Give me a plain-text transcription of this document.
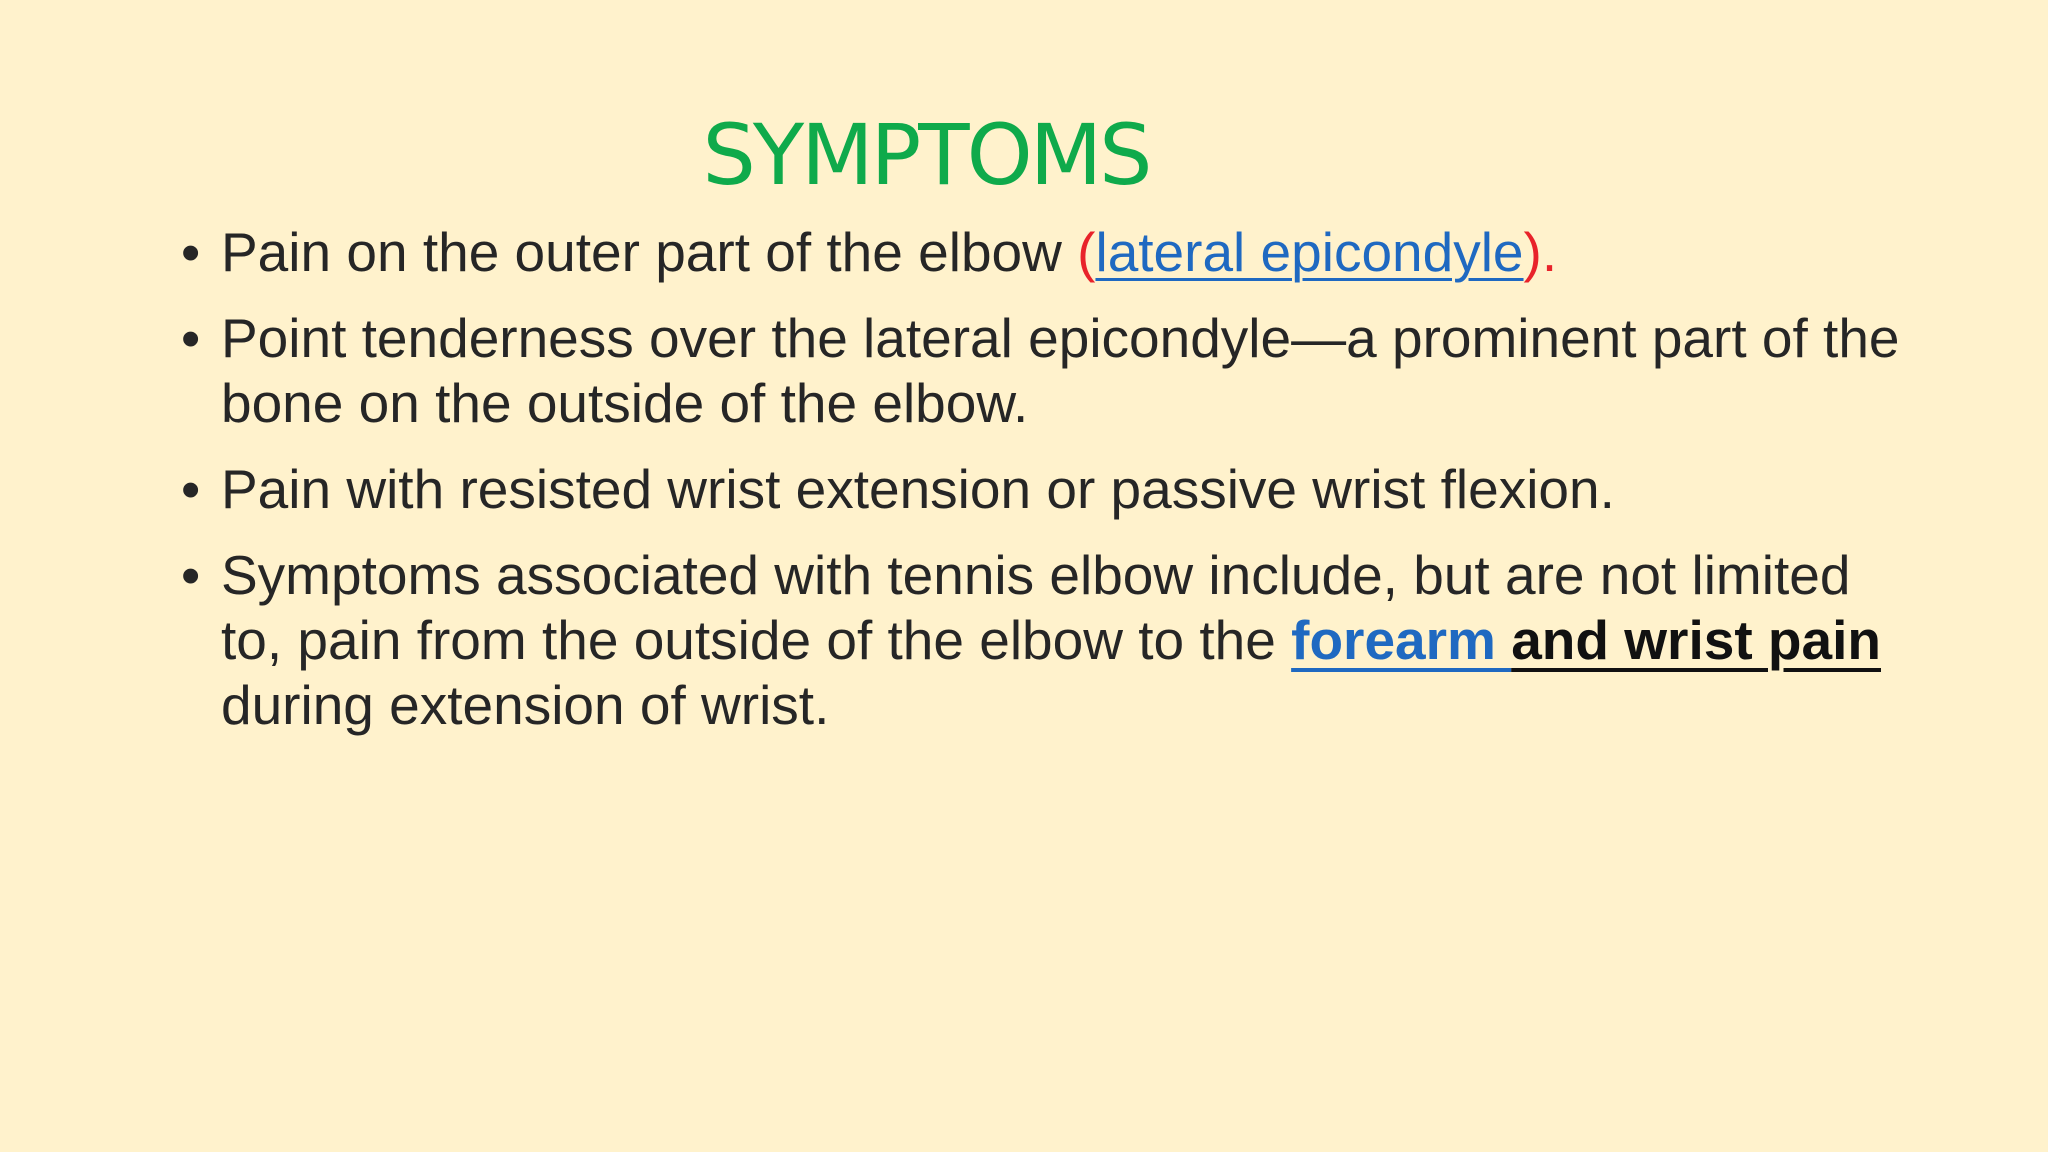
SYMPTOMS
• Pain on the outer part of the elbow (lateral epicondyle).
• Point tenderness over the lateral epicondyle—a prominent part of the bone on the outside of the elbow.
• Pain with resisted wrist extension or passive wrist flexion.
• Symptoms associated with tennis elbow include, but are not limited to, pain from the outside of the elbow to the forearm and wrist pain during extension of wrist.
